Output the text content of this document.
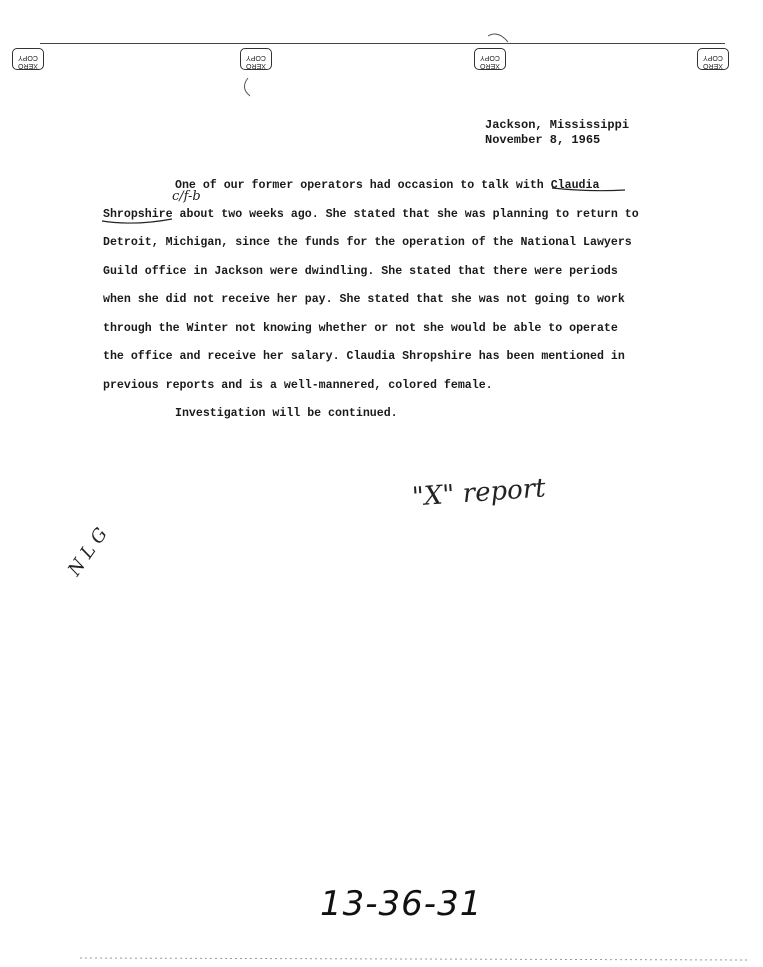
XERO COPY
XERO COPY
XERO COPY
XERO COPY
Jackson, Mississippi
November 8, 1965

One of our former operators had occasion to talk with Claudia Shropshire about two weeks ago. She stated that she was planning to return to Detroit, Michigan, since the funds for the operation of the National Lawyers Guild office in Jackson were dwindling. She stated that there were periods when she did not receive her pay. She stated that she was not going to work through the Winter not knowing whether or not she would be able to operate the office and receive her salary. Claudia Shropshire has been mentioned in previous reports and is a well-mannered, colored female.

Investigation will be continued.

c/f-b
"X" report
N L G
13-36-31
